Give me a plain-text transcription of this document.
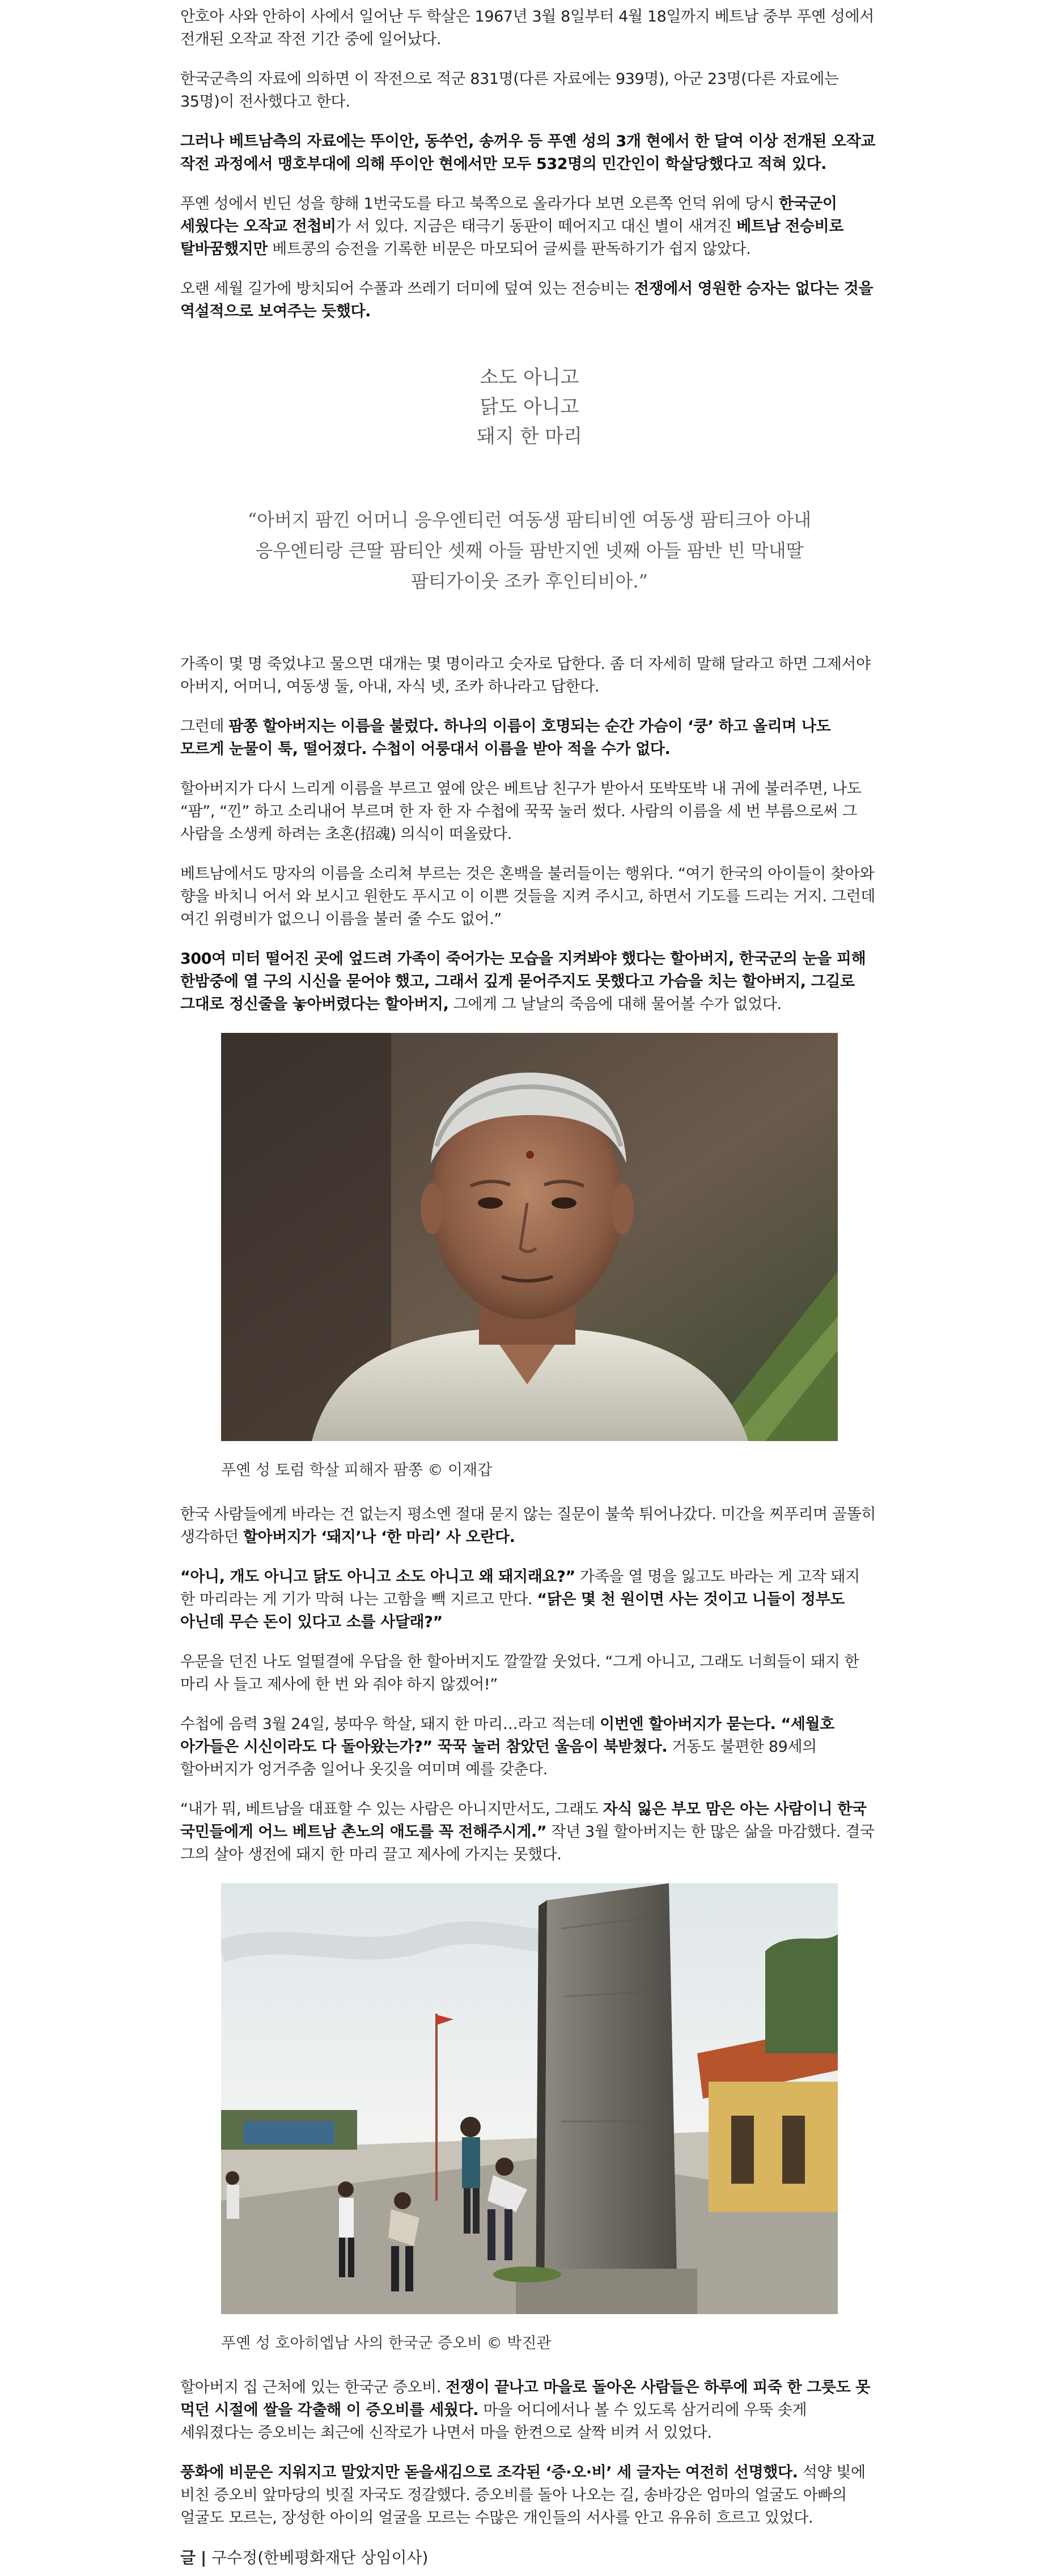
안호아 사와 안하이 사에서 일어난 두 학살은 1967년 3월 8일부터 4월 18일까지 베트남 중부 푸옌 성에서 전개된 오작교 작전 기간 중에 일어났다.

한국군측의 자료에 의하면 이 작전으로 적군 831명(다른 자료에는 939명), 아군 23명(다른 자료에는 35명)이 전사했다고 한다.

그러나 베트남측의 자료에는 뚜이안, 동쑤언, 송꺼우 등 푸옌 성의 3개 현에서 한 달여 이상 전개된 오작교 작전 과정에서 맹호부대에 의해 뚜이안 현에서만 모두 532명의 민간인이 학살당했다고 적혀 있다.

푸옌 성에서 빈딘 성을 향해 1번국도를 타고 북쪽으로 올라가다 보면 오른쪽 언덕 위에 당시 한국군이 세웠다는 오작교 전첩비가 서 있다. 지금은 태극기 동판이 떼어지고 대신 별이 새겨진 베트남 전승비로 탈바꿈했지만 베트콩의 승전을 기록한 비문은 마모되어 글씨를 판독하기가 쉽지 않았다.

오랜 세월 길가에 방치되어 수풀과 쓰레기 더미에 덮여 있는 전승비는 전쟁에서 영원한 승자는 없다는 것을 역설적으로 보여주는 듯했다.

소도 아니고
닭도 아니고
돼지 한 마리
“아버지 팜낀 어머니 응우엔티런 여동생 팜티비엔 여동생 팜티크아 아내 응우엔티랑 큰딸 팜티안 셋째 아들 팜반지엔 넷째 아들 팜반 빈 막내딸 팜티가이웃 조카 후인티비아.”

가족이 몇 명 죽었냐고 물으면 대개는 몇 명이라고 숫자로 답한다. 좀 더 자세히 말해 달라고 하면 그제서야 아버지, 어머니, 여동생 둘, 아내, 자식 넷, 조카 하나라고 답한다.

그런데 팜쫑 할아버지는 이름을 불렀다. 하나의 이름이 호명되는 순간 가슴이 ‘쿵’ 하고 올리며 나도 모르게 눈물이 툭, 떨어졌다. 수첩이 어룽대서 이름을 받아 적을 수가 없다.

할아버지가 다시 느리게 이름을 부르고 옆에 앉은 베트남 친구가 받아서 또박또박 내 귀에 불러주면, 나도 “팜”, “낀” 하고 소리내어 부르며 한 자 한 자 수첩에 꾹꾹 눌러 썼다. 사람의 이름을 세 번 부름으로써 그 사람을 소생케 하려는 초혼(招魂) 의식이 떠올랐다.

베트남에서도 망자의 이름을 소리쳐 부르는 것은 혼백을 불러들이는 행위다. “여기 한국의 아이들이 찾아와 향을 바치니 어서 와 보시고 원한도 푸시고 이 이쁜 것들을 지켜 주시고, 하면서 기도를 드리는 거지. 그런데 여긴 위령비가 없으니 이름을 불러 줄 수도 없어.”

300여 미터 떨어진 곳에 엎드려 가족이 죽어가는 모습을 지켜봐야 했다는 할아버지, 한국군의 눈을 피해 한밤중에 열 구의 시신을 묻어야 했고, 그래서 깊게 묻어주지도 못했다고 가슴을 치는 할아버지, 그길로 그대로 정신줄을 놓아버렸다는 할아버지, 그에게 그 날날의 죽음에 대해 물어볼 수가 없었다.

푸옌 성 토럼 학살 피해자 팜쫑 © 이재갑

한국 사람들에게 바라는 건 없는지 평소엔 절대 묻지 않는 질문이 불쑥 튀어나갔다. 미간을 찌푸리며 골똘히 생각하던 할아버지가 ‘돼지’나 ‘한 마리’ 사 오란다.

“아니, 개도 아니고 닭도 아니고 소도 아니고 왜 돼지래요?” 가족을 열 명을 잃고도 바라는 게 고작 돼지 한 마리라는 게 기가 막혀 나는 고함을 빽 지르고 만다. “닭은 몇 천 원이면 사는 것이고 니들이 정부도 아닌데 무슨 돈이 있다고 소를 사달래?”

우문을 던진 나도 얼떨결에 우답을 한 할아버지도 깔깔깔 웃었다. “그게 아니고, 그래도 너희들이 돼지 한 마리 사 들고 제사에 한 번 와 줘야 하지 않겠어!”

수첩에 음력 3월 24일, 붕따우 학살, 돼지 한 마리…라고 적는데 이번엔 할아버지가 묻는다. “세월호 아가들은 시신이라도 다 돌아왔는가?” 꾹꾹 눌러 참았던 울음이 북받쳤다. 거동도 불편한 89세의 할아버지가 엉거주춤 일어나 옷깃을 여미며 예를 갖춘다.

“내가 뭐, 베트남을 대표할 수 있는 사람은 아니지만서도, 그래도 자식 잃은 부모 맘은 아는 사람이니 한국 국민들에게 어느 베트남 촌노의 애도를 꼭 전해주시게.” 작년 3월 할아버지는 한 많은 삶을 마감했다. 결국 그의 살아 생전에 돼지 한 마리 끌고 제사에 가지는 못했다.

푸옌 성 호아히엡남 사의 한국군 증오비 © 박진관

할아버지 집 근처에 있는 한국군 증오비. 전쟁이 끝나고 마을로 돌아온 사람들은 하루에 피죽 한 그릇도 못 먹던 시절에 쌀을 각출해 이 증오비를 세웠다. 마을 어디에서나 볼 수 있도록 삼거리에 우뚝 솟게 세워졌다는 증오비는 최근에 신작로가 나면서 마을 한켠으로 살짝 비켜 서 있었다.

풍화에 비문은 지워지고 말았지만 돋을새김으로 조각된 ‘증·오·비’ 세 글자는 여전히 선명했다. 석양 빛에 비친 증오비 앞마당의 빗질 자국도 정갈했다. 증오비를 돌아 나오는 길, 송바강은 엄마의 얼굴도 아빠의 얼굴도 모르는, 장성한 아이의 얼굴을 모르는 수많은 개인들의 서사를 안고 유유히 흐르고 있었다.

글 | 구수정(한베평화재단 상임이사)
